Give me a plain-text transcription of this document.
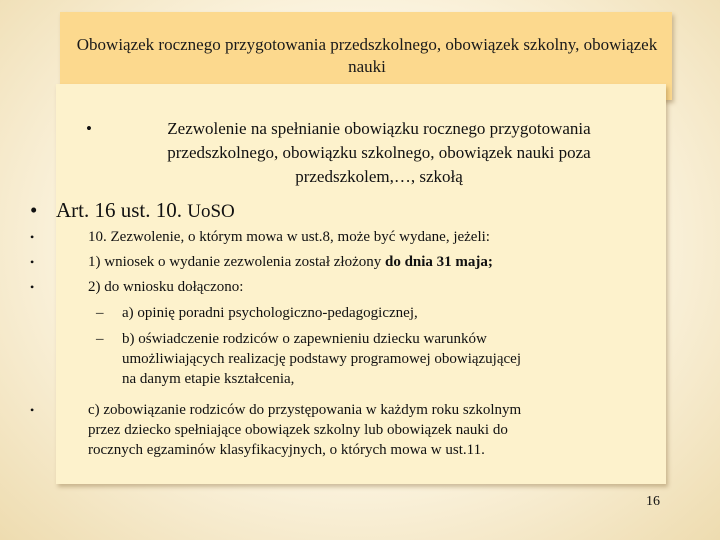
Obowiązek rocznego przygotowania przedszkolnego, obowiązek szkolny, obowiązek nauki
•	Zezwolenie na spełnianie obowiązku rocznego przygotowania przedszkolnego, obowiązku szkolnego, obowiązek nauki poza przedszkolem,…, szkołą
• Art. 16 ust. 10. UoSO
•	10. Zezwolenie, o którym mowa w ust.8, może być wydane, jeżeli:
•	1) wniosek o wydanie zezwolenia został złożony do dnia 31 maja;
•	2) do wniosku dołączono:
– a) opinię poradni psychologiczno-pedagogicznej,
– b) oświadczenie rodziców o zapewnieniu dziecku warunków
umożliwiających realizację podstawy programowej obowiązującej
na danym etapie kształcenia,
•	c) zobowiązanie rodziców do przystępowania w każdym roku szkolnym
przez dziecko spełniające obowiązek szkolny lub obowiązek nauki do
rocznych egzaminów klasyfikacyjnych, o których mowa w ust.11.
16
